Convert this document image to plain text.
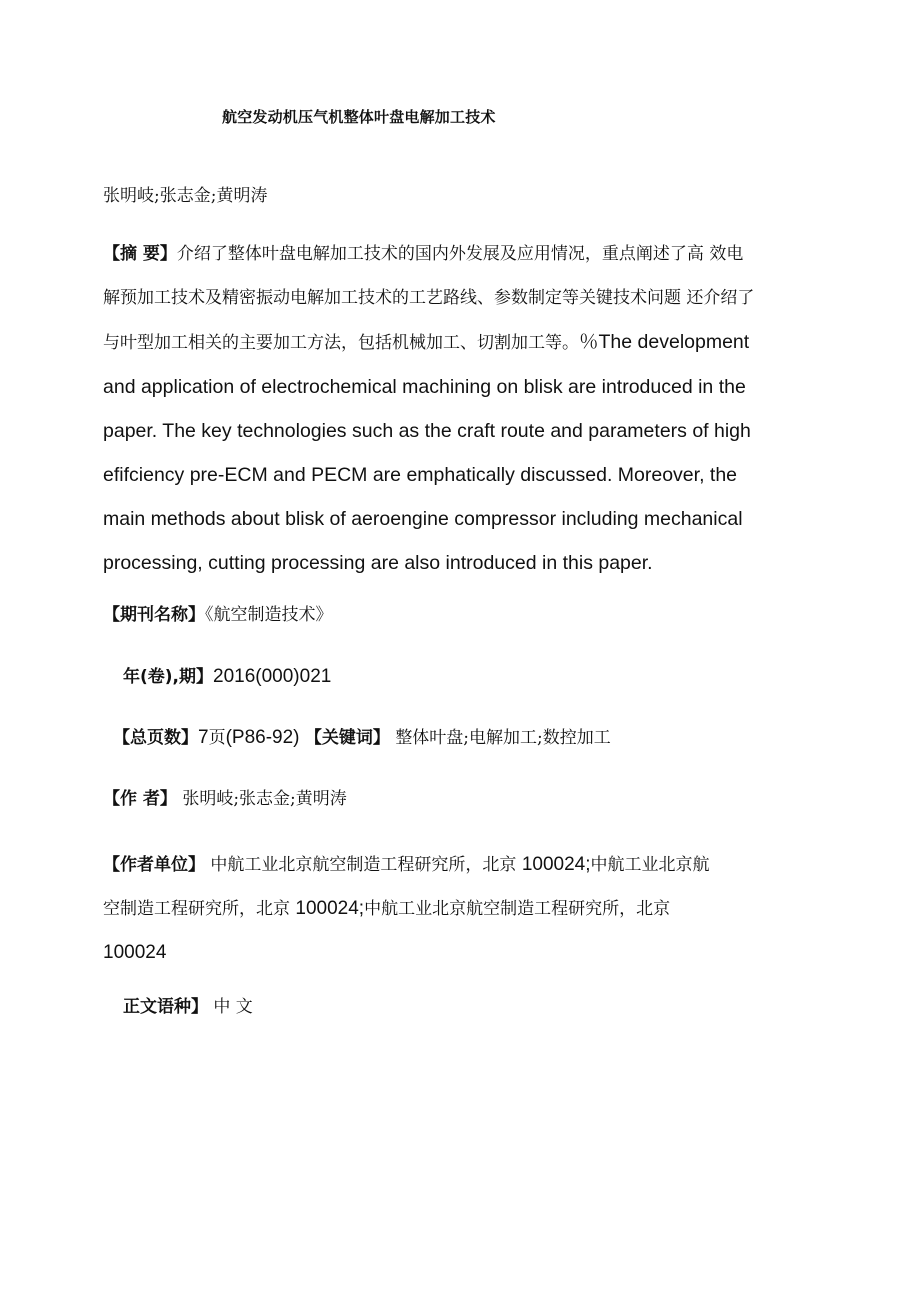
航空发动机压气机整体叶盘电解加工技术
张明岐;张志金;黄明涛
【摘 要】介绍了整体叶盘电解加工技术的国内外发展及应用情况，重点阐述了高 效电
解预加工技术及精密振动电解加工技术的工艺路线、参数制定等关键技术问题 还介绍了
与叶型加工相关的主要加工方法，包括机械加工、切割加工等。％The development
and application of electrochemical machining on blisk are introduced in the
paper. The key technologies such as the craft route and parameters of high
efifciency pre-ECM and PECM are emphatically discussed. Moreover, the
main methods about blisk of aeroengine compressor including mechanical
processing, cutting processing are also introduced in this paper.
【期刊名称】《航空制造技术》
年(卷),期】2016(000)021
【总页数】7页(P86-92) 【关键词】 整体叶盘;电解加工;数控加工
【作 者】 张明岐;张志金;黄明涛
【作者单位】 中航工业北京航空制造工程研究所，北京 100024;中航工业北京航
空制造工程研究所，北京 100024;中航工业北京航空制造工程研究所，北京
100024
正文语种】 中 文
